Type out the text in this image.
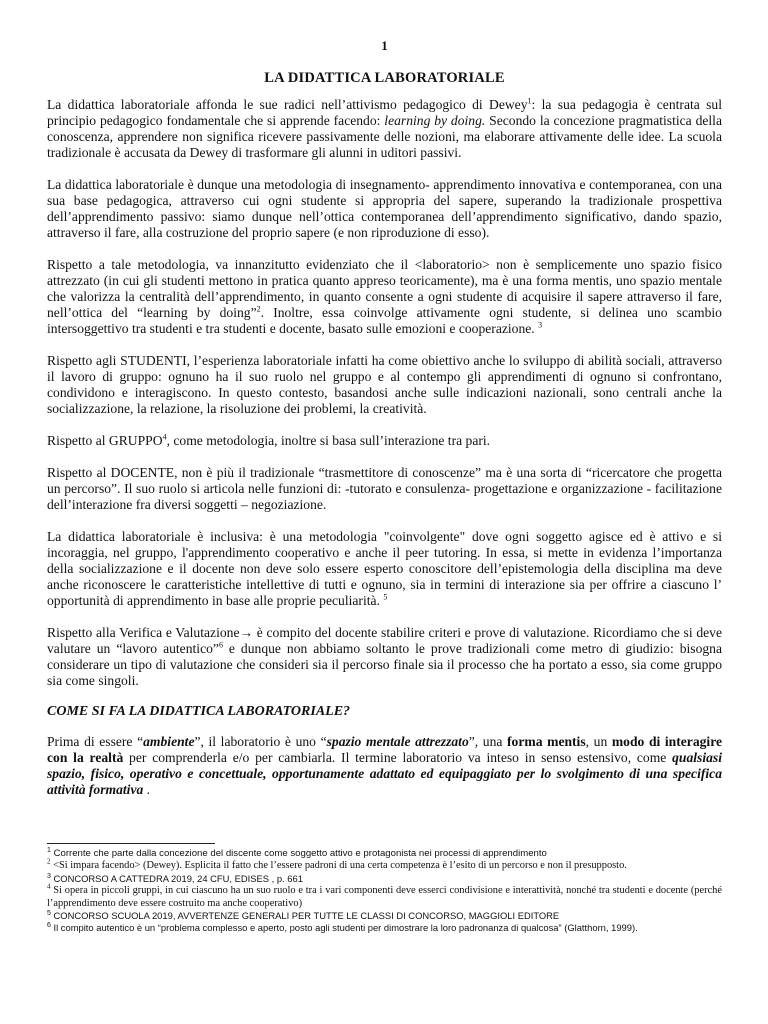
1
LA DIDATTICA LABORATORIALE

La didattica laboratoriale affonda le sue radici nell’attivismo pedagogico di Dewey$^1$: la sua pedagogia è centrata sul principio pedagogico fondamentale che si apprende facendo: learning by doing. Secondo la concezione pragmatistica della conoscenza, apprendere non significa ricevere passivamente delle nozioni, ma elaborare attivamente delle idee. La scuola tradizionale è accusata da Dewey di trasformare gli alunni in uditori passivi.

La didattica laboratoriale è dunque una metodologia di insegnamento- apprendimento innovativa e contemporanea, con una sua base pedagogica, attraverso cui ogni studente si appropria del sapere, superando la tradizionale prospettiva dell’apprendimento passivo: siamo dunque nell’ottica contemporanea dell’apprendimento significativo, dando spazio, attraverso il fare, alla costruzione del proprio sapere (e non riproduzione di esso).

Rispetto a tale metodologia, va innanzitutto evidenziato che il <laboratorio> non è semplicemente uno spazio fisico attrezzato (in cui gli studenti mettono in pratica quanto appreso teoricamente), ma è una forma mentis, uno spazio mentale che valorizza la centralità dell’apprendimento, in quanto consente a ogni studente di acquisire il sapere attraverso il fare, nell’ottica del “learning by doing”$^2$. Inoltre, essa coinvolge attivamente ogni studente, si delinea uno scambio intersoggettivo tra studenti e tra studenti e docente, basato sulle emozioni e cooperazione. $^3$

Rispetto agli STUDENTI, l’esperienza laboratoriale infatti ha come obiettivo anche lo sviluppo di abilità sociali, attraverso il lavoro di gruppo: ognuno ha il suo ruolo nel gruppo e al contempo gli apprendimenti di ognuno si confrontano, condividono e interagiscono. In questo contesto, basandosi anche sulle indicazioni nazionali, sono centrali anche la socializzazione, la relazione, la risoluzione dei problemi, la creatività.

Rispetto al GRUPPO$^4$, come metodologia, inoltre si basa sull’interazione tra pari.

Rispetto al DOCENTE, non è più il tradizionale “trasmettitore di conoscenze” ma è una sorta di “ricercatore che progetta un percorso”. Il suo ruolo si articola nelle funzioni di: -tutorato e consulenza- progettazione e organizzazione - facilitazione dell’interazione fra diversi soggetti – negoziazione.

La didattica laboratoriale è inclusiva: è una metodologia "coinvolgente" dove ogni soggetto agisce ed è attivo e si incoraggia, nel gruppo, l'apprendimento cooperativo e anche il peer tutoring. In essa, si mette in evidenza l’importanza della socializzazione e il docente non deve solo essere esperto conoscitore dell’epistemologia della disciplina ma deve anche riconoscere le caratteristiche intellettive di tutti e ognuno, sia in termini di interazione sia per offrire a ciascuno l’ opportunità di apprendimento in base alle proprie peculiarità. $^5$

Rispetto alla Verifica e Valutazione→ è compito del docente stabilire criteri e prove di valutazione. Ricordiamo che si deve valutare un “lavoro autentico”$^6$ e dunque non abbiamo soltanto le prove tradizionali come metro di giudizio: bisogna considerare un tipo di valutazione che consideri sia il percorso finale sia il processo che ha portato a esso, sia come gruppo sia come singoli.

COME SI FA LA DIDATTICA LABORATORIALE?

Prima di essere “ambiente”, il laboratorio è uno “spazio mentale attrezzato”, una forma mentis, un modo di interagire con la realtà per comprenderla e/o per cambiarla. Il termine laboratorio va inteso in senso estensivo, come qualsiasi spazio, fisico, operativo e concettuale, opportunamente adattato ed equipaggiato per lo svolgimento di una specifica attività formativa .

$^1$ Corrente che parte dalla concezione del discente come soggetto attivo e protagonista nei processi di apprendimento

$^2$ <Si impara facendo> (Dewey). Esplicita il fatto che l’essere padroni di una certa competenza è l’esito di un percorso e non il presupposto.

$^3$ CONCORSO A CATTEDRA 2019, 24 CFU, EDISES , p. 661

$^4$ Si opera in piccoli gruppi, in cui ciascuno ha un suo ruolo e tra i vari componenti deve esserci condivisione e interattività, nonché tra studenti e docente (perché l’apprendimento deve essere costruito ma anche cooperativo)

$^5$ CONCORSO SCUOLA 2019, AVVERTENZE GENERALI PER TUTTE LE CLASSI DI CONCORSO, MAGGIOLI EDITORE

$^6$ Il compito autentico è un “problema complesso e aperto, posto agli studenti per dimostrare la loro padronanza di qualcosa” (Glatthorn, 1999).
